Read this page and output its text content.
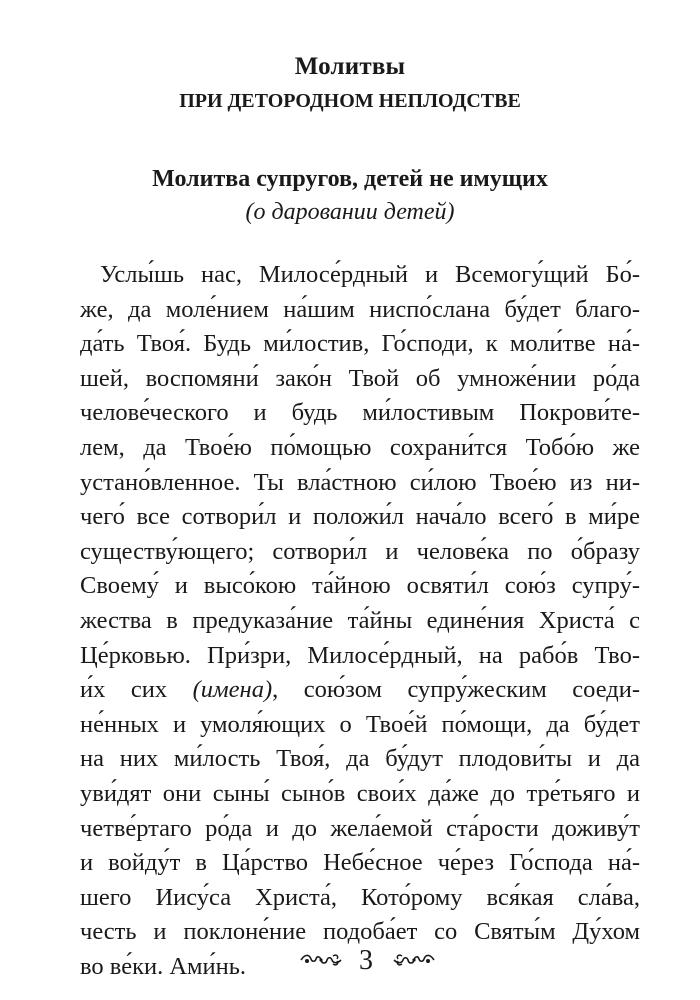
Молитвы
ПРИ ДЕТОРОДНОМ НЕПЛОДСТВЕ
Молитва супругов, детей не имущих
(о даровании детей)
Услы́шь нас, Милосе́рдный и Всемогу́щий Бо́-
же, да моле́нием на́шим ниспо́слана бу́дет благо-
да́ть Твоя́. Будь ми́лостив, Го́споди, к моли́тве на́-
шей, воспомяни́ зако́н Твой об умноже́нии ро́да
челове́ческого и будь ми́лостивым Покрови́те-
лем, да Твое́ю по́мощью сохрани́тся Тобо́ю же
устано́вленное. Ты вла́стною си́лою Твое́ю из ни-
чего́ все сотвори́л и положи́л нача́ло всего́ в ми́ре
существу́ющего; сотвори́л и челове́ка по о́бразу
Своему́ и высо́кою та́йною освяти́л сою́з супру́-
жества в предуказа́ние та́йны едине́ния Христа́ с
Це́рковью. При́зри, Милосе́рдный, на рабо́в Тво-
и́х сих (имена), сою́зом супру́жеским соеди-
не́нных и умоля́ющих о Твое́й по́мощи, да бу́дет
на них ми́лость Твоя́, да бу́дут плодови́ты и да
уви́дят они сыны́ сыно́в свои́х да́же до тре́тьяго и
четве́ртаго ро́да и до жела́емой ста́рости доживу́т
и войду́т в Ца́рство Небе́сное че́рез Го́спода на́-
шего Иису́са Христа́, Кото́рому вся́кая сла́ва,
честь и поклоне́ние подоба́ет со Святы́м Ду́хом
во ве́ки. Ами́нь.	3
